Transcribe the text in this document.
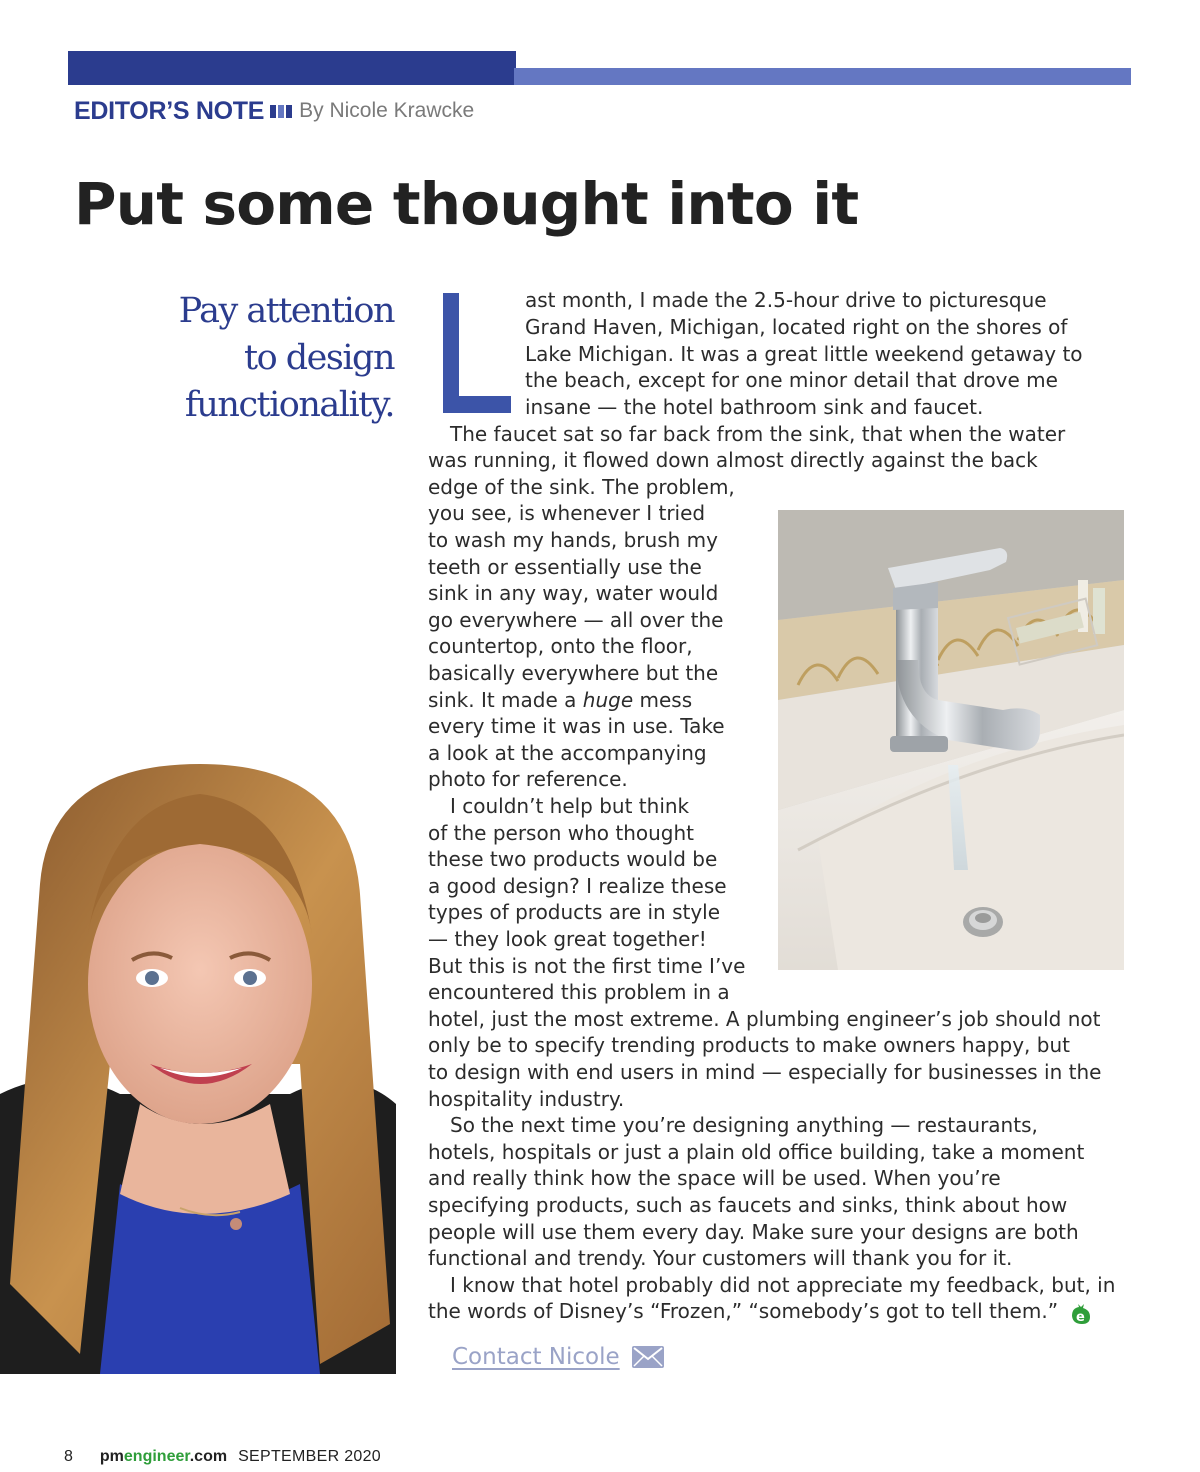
EDITOR’S NOTE By Nicole Krawcke
Put some thought into it
Pay attention
to design
functionality.
ast month, I made the 2.5-hour drive to picturesque
Grand Haven, Michigan, located right on the shores of
Lake Michigan. It was a great little weekend getaway to
the beach, except for one minor detail that drove me
insane — the hotel bathroom sink and faucet.
The faucet sat so far back from the sink, that when the water
was running, it flowed down almost directly against the back
edge of the sink. The problem,
you see, is whenever I tried
to wash my hands, brush my
teeth or essentially use the
sink in any way, water would
go everywhere — all over the
countertop, onto the floor,
basically everywhere but the
sink. It made a huge mess
every time it was in use. Take
a look at the accompanying
photo for reference.
I couldn’t help but think
of the person who thought
these two products would be
a good design? I realize these
types of products are in style
— they look great together!
But this is not the first time I’ve
encountered this problem in a
hotel, just the most extreme. A plumbing engineer’s job should not
only be to specify trending products to make owners happy, but
to design with end users in mind — especially for businesses in the
hospitality industry.
So the next time you’re designing anything — restaurants,
hotels, hospitals or just a plain old office building, take a moment
and really think how the space will be used. When you’re
specifying products, such as faucets and sinks, think about how
people will use them every day. Make sure your designs are both
functional and trendy. Your customers will thank you for it.
I know that hotel probably did not appreciate my feedback, but, in
the words of Disney’s “Frozen,” “somebody’s got to tell them.” e
Contact Nicole
8 pmengineer.com SEPTEMBER 2020
